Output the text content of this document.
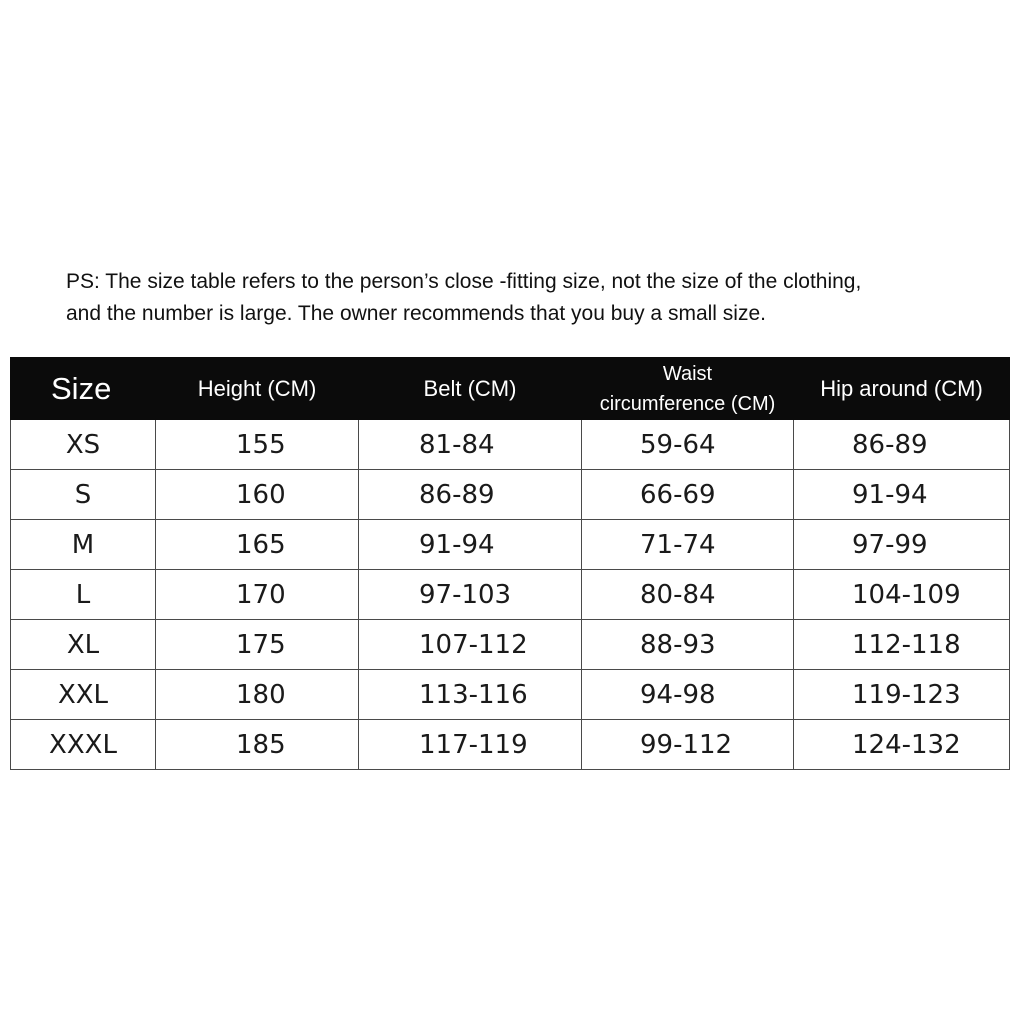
PS: The size table refers to the person’s close -fitting size, not the size of the clothing,
and the number is large. The owner recommends that you buy a small size.
Size	Height (CM)	Belt (CM)	Waist
circumference (CM)	Hip around (CM)
XS	155	81-84	59-64	86-89
S	160	86-89	66-69	91-94
M	165	91-94	71-74	97-99
L	170	97-103	80-84	104-109
XL	175	107-112	88-93	112-118
XXL	180	113-116	94-98	119-123
XXXL	185	117-119	99-112	124-132
